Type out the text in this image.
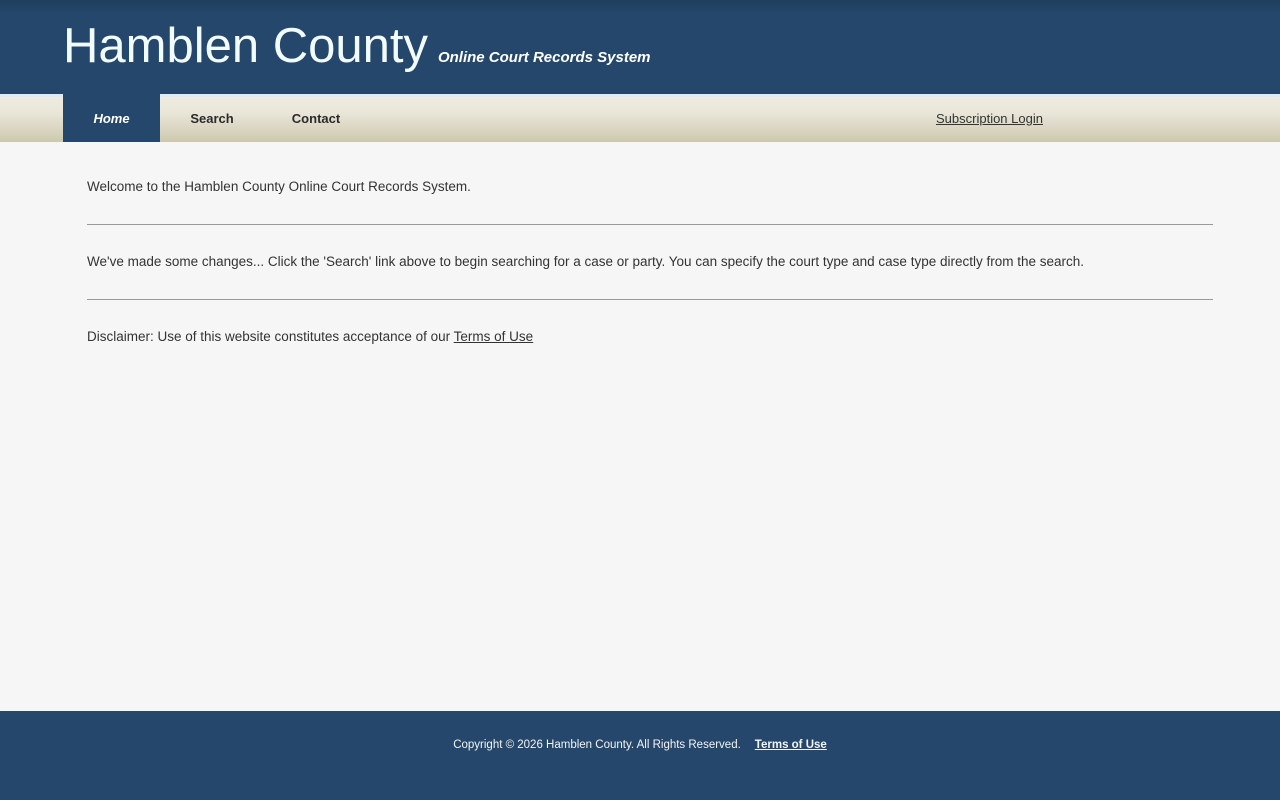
Hamblen County Online Court Records System
Home	Search	Contact	Subscription Login

Welcome to the Hamblen County Online Court Records System.

We've made some changes... Click the 'Search' link above to begin searching for a case or party. You can specify the court type and case type directly from the search.

Disclaimer: Use of this website constitutes acceptance of our Terms of Use

Copyright © 2026 Hamblen County. All Rights Reserved. Terms of Use
